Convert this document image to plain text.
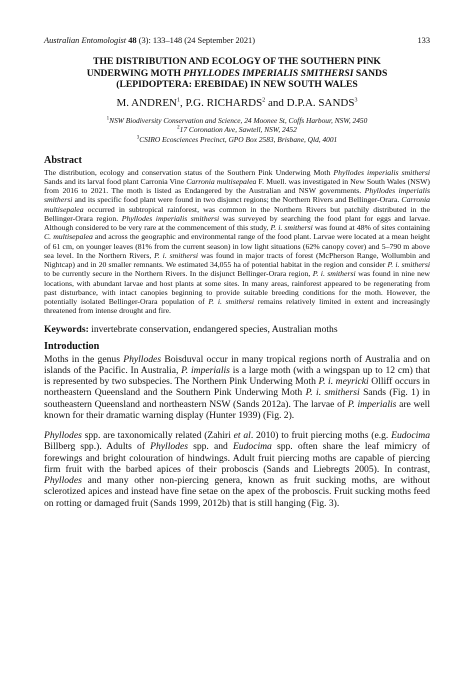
Australian Entomologist 48 (3): 133–148 (24 September 2021)	133
THE DISTRIBUTION AND ECOLOGY OF THE SOUTHERN PINK
UNDERWING MOTH PHYLLODES IMPERIALIS SMITHERSI SANDS
(LEPIDOPTERA: EREBIDAE) IN NEW SOUTH WALES
M. ANDREN$^1$, P.G. RICHARDS$^2$ and D.P.A. SANDS$^3$
$^1$NSW Biodiversity Conservation and Science, 24 Moonee St, Coffs Harbour, NSW, 2450
$^2$17 Coronation Ave, Sawtell, NSW, 2452
$^3$CSIRO Ecosciences Precinct, GPO Box 2583, Brisbane, Qld, 4001
Abstract
The distribution, ecology and conservation status of the Southern Pink Underwing Moth Phyllodes imperialis smithersi Sands and its larval food plant Carronia Vine Carronia multisepalea F. Muell. was investigated in New South Wales (NSW) from 2016 to 2021. The moth is listed as Endangered by the Australian and NSW governments. Phyllodes imperialis smithersi and its specific food plant were found in two disjunct regions; the Northern Rivers and Bellinger-Orara. Carronia multisepalea occurred in subtropical rainforest, was common in the Northern Rivers but patchily distributed in the Bellinger-Orara region. Phyllodes imperialis smithersi was surveyed by searching the food plant for eggs and larvae. Although considered to be very rare at the commencement of this study, P. i. smithersi was found at 48% of sites containing C. multisepalea and across the geographic and environmental range of the food plant. Larvae were located at a mean height of 61 cm, on younger leaves (81% from the current season) in low light situations (62% canopy cover) and 5–790 m above sea level. In the Northern Rivers, P. i. smithersi was found in major tracts of forest (McPherson Range, Wollumbin and Nightcap) and in 20 smaller remnants. We estimated 34,055 ha of potential habitat in the region and consider P. i. smithersi to be currently secure in the Northern Rivers. In the disjunct Bellinger-Orara region, P. i. smithersi was found in nine new locations, with abundant larvae and host plants at some sites. In many areas, rainforest appeared to be regenerating from past disturbance, with intact canopies beginning to provide suitable breeding conditions for the moth. However, the potentially isolated Bellinger-Orara population of P. i. smithersi remains relatively limited in extent and increasingly threatened from intense drought and fire.
Keywords: invertebrate conservation, endangered species, Australian moths
Introduction
Moths in the genus Phyllodes Boisduval occur in many tropical regions north of Australia and on islands of the Pacific. In Australia, P. imperialis is a large moth (with a wingspan up to 12 cm) that is represented by two subspecies. The Northern Pink Underwing Moth P. i. meyricki Olliff occurs in northeastern Queensland and the Southern Pink Underwing Moth P. i. smithersi Sands (Fig. 1) in southeastern Queensland and northeastern NSW (Sands 2012a). The larvae of P. imperialis are well known for their dramatic warning display (Hunter 1939) (Fig. 2).
Phyllodes spp. are taxonomically related (Zahiri et al. 2010) to fruit piercing moths (e.g. Eudocima Billberg spp.). Adults of Phyllodes spp. and Eudocima spp. often share the leaf mimicry of forewings and bright colouration of hindwings. Adult fruit piercing moths are capable of piercing firm fruit with the barbed apices of their proboscis (Sands and Liebregts 2005). In contrast, Phyllodes and many other non-piercing genera, known as fruit sucking moths, are without sclerotized apices and instead have fine setae on the apex of the proboscis. Fruit sucking moths feed on rotting or damaged fruit (Sands 1999, 2012b) that is still hanging (Fig. 3).
